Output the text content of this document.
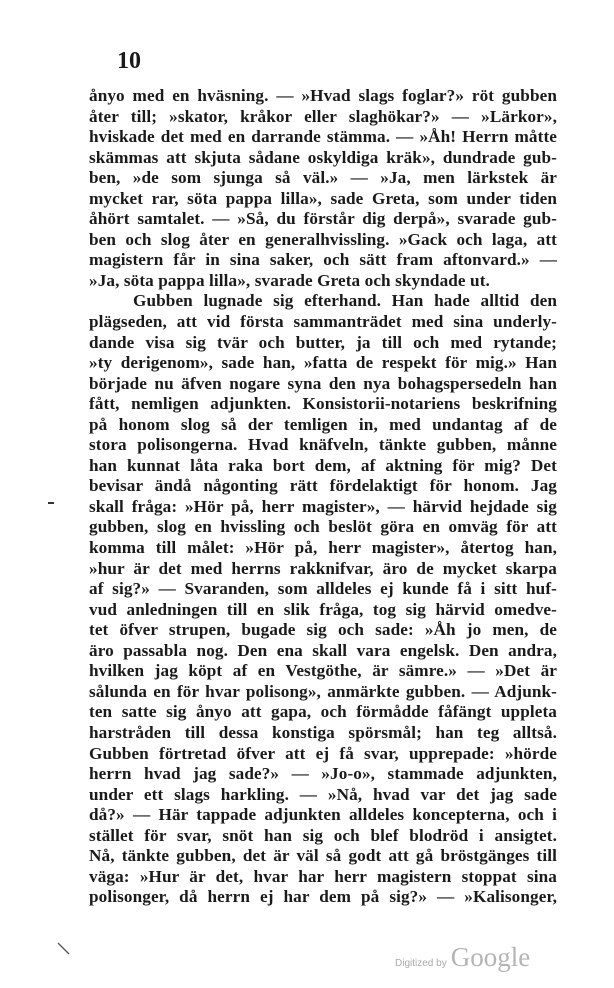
10
ånyo med en hväsning. — »Hvad slags foglar?» röt gubben
åter till; »skator, kråkor eller slaghökar?» — »Lärkor»,
hviskade det med en darrande stämma. — »Åh! Herrn måtte
skämmas att skjuta sådane oskyldiga kräk», dundrade gub-
ben, »de som sjunga så väl.» — »Ja, men lärkstek är
mycket rar, söta pappa lilla», sade Greta, som under tiden
åhört samtalet. — »Så, du förstår dig derpå», svarade gub-
ben och slog åter en generalhvissling. »Gack och laga, att
magistern får in sina saker, och sätt fram aftonvard.» —
»Ja, söta pappa lilla», svarade Greta och skyndade ut.
Gubben lugnade sig efterhand. Han hade alltid den
plägseden, att vid första sammanträdet med sina underly-
dande visa sig tvär och butter, ja till och med rytande;
»ty derigenom», sade han, »fatta de respekt för mig.» Han
började nu äfven nogare syna den nya bohagspersedeln han
fått, nemligen adjunkten. Konsistorii-notariens beskrifning
på honom slog så der temligen in, med undantag af de
stora polisongerna. Hvad knäfveln, tänkte gubben, månne
han kunnat låta raka bort dem, af aktning för mig? Det
bevisar ändå någonting rätt fördelaktigt för honom. Jag
skall fråga: »Hör på, herr magister», — härvid hejdade sig
gubben, slog en hvissling och beslöt göra en omväg för att
komma till målet: »Hör på, herr magister», återtog han,
»hur är det med herrns rakknifvar, äro de mycket skarpa
af sig?» — Svaranden, som alldeles ej kunde få i sitt huf-
vud anledningen till en slik fråga, tog sig härvid omedve-
tet öfver strupen, bugade sig och sade: »Åh jo men, de
äro passabla nog. Den ena skall vara engelsk. Den andra,
hvilken jag köpt af en Vestgöthe, är sämre.» — »Det är
sålunda en för hvar polisong», anmärkte gubben. — Adjunk-
ten satte sig ånyo att gapa, och förmådde fåfängt uppleta
harstråden till dessa konstiga spörsmål; han teg alltså.
Gubben förtretad öfver att ej få svar, upprepade: »hörde
herrn hvad jag sade?» — »Jo-o», stammade adjunkten,
under ett slags harkling. — »Nå, hvad var det jag sade
då?» — Här tappade adjunkten alldeles koncepterna, och i
stället för svar, snöt han sig och blef blodröd i ansigtet.
Nå, tänkte gubben, det är väl så godt att gå bröstgänges till
väga: »Hur är det, hvar har herr magistern stoppat sina
polisonger, då herrn ej har dem på sig?» — »Kalisonger,
Digitized by Google
